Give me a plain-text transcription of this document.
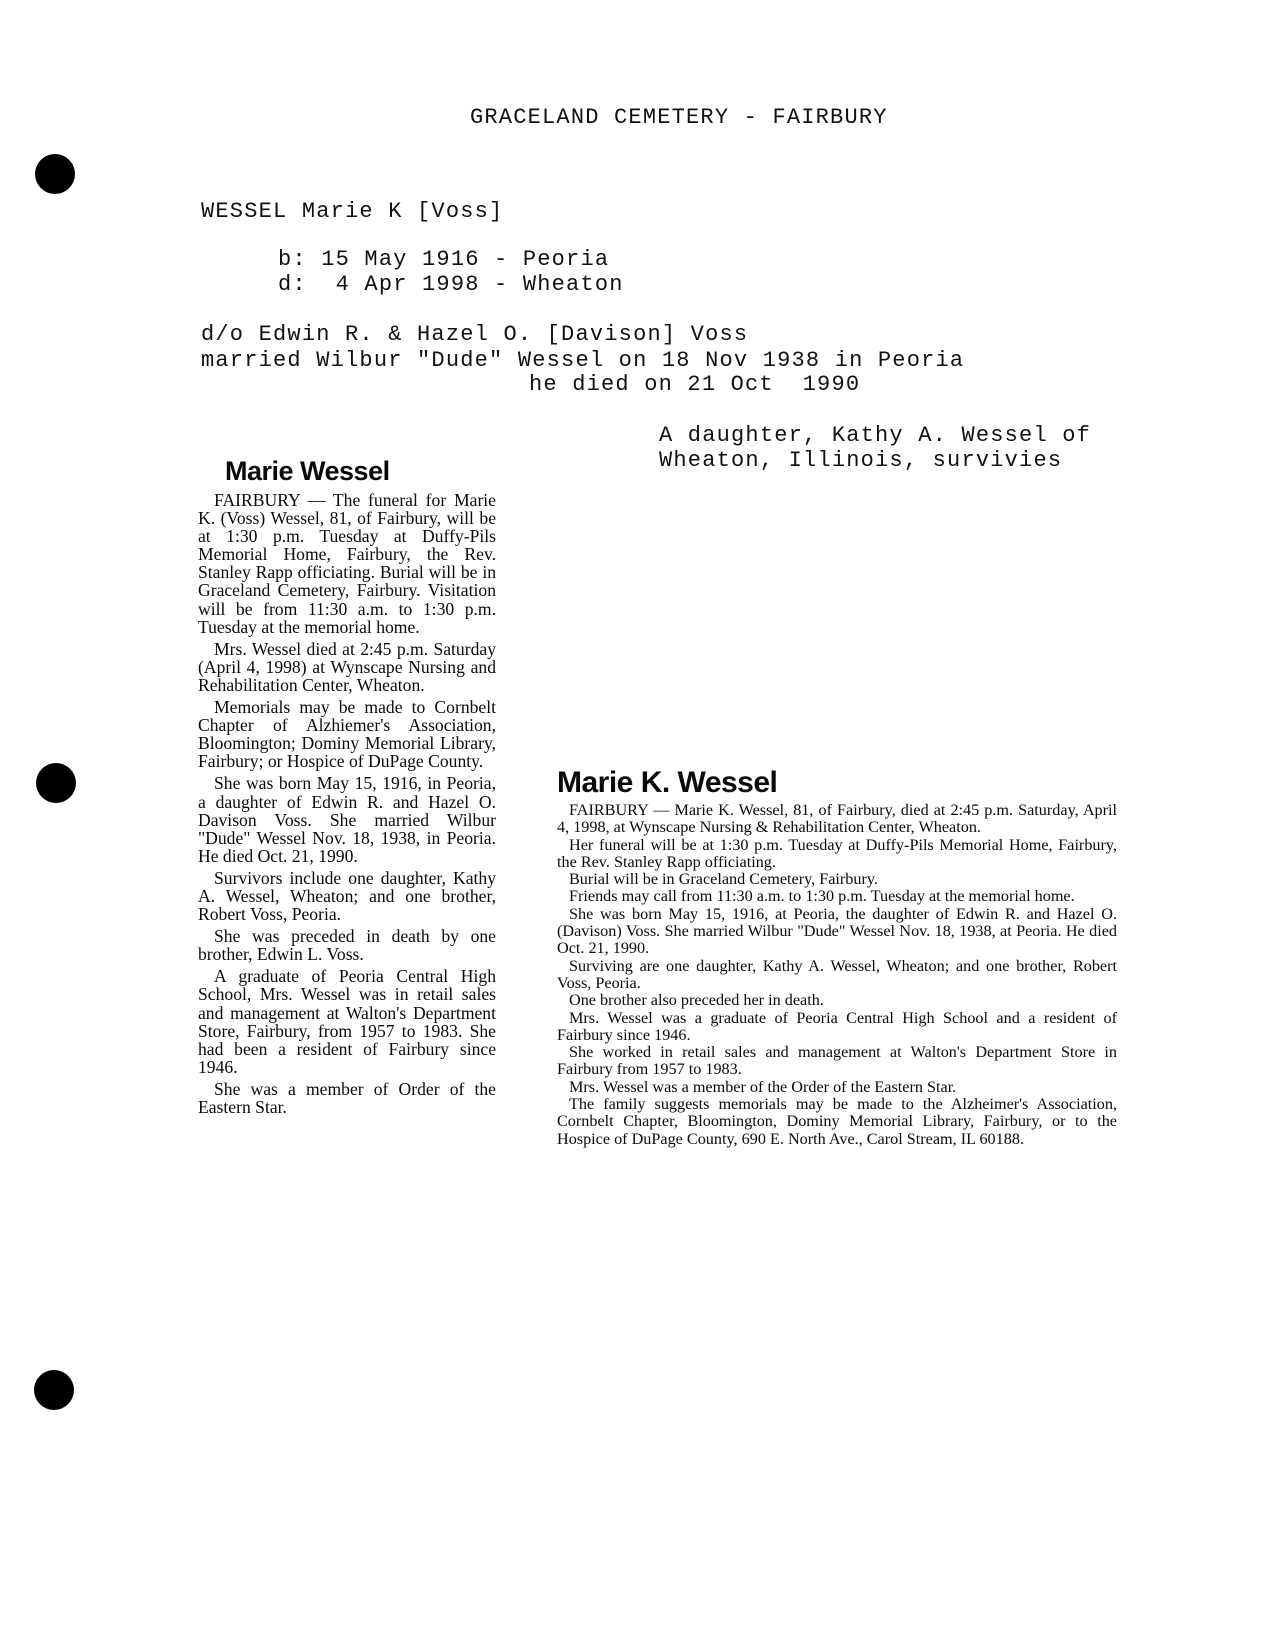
GRACELAND CEMETERY - FAIRBURY
WESSEL Marie K [Voss]
b: 15 May 1916 - Peoria
d:  4 Apr 1998 - Wheaton
d/o Edwin R. & Hazel O. [Davison] Voss
married Wilbur "Dude" Wessel on 18 Nov 1938 in Peoria
he died on 21 Oct  1990
A daughter, Kathy A. Wessel of
Wheaton, Illinois, survivies
Marie Wessel

FAIRBURY — The funeral for Marie K. (Voss) Wessel, 81, of Fairbury, will be at 1:30 p.m. Tuesday at Duffy-Pils Memorial Home, Fairbury, the Rev. Stanley Rapp officiating. Burial will be in Graceland Cemetery, Fairbury. Visitation will be from 11:30 a.m. to 1:30 p.m. Tuesday at the memorial home.

Mrs. Wessel died at 2:45 p.m. Saturday (April 4, 1998) at Wynscape Nursing and Rehabilitation Center, Wheaton.

Memorials may be made to Cornbelt Chapter of Alzhiemer's Association, Bloomington; Dominy Memorial Library, Fairbury; or Hospice of DuPage County.

She was born May 15, 1916, in Peoria, a daughter of Edwin R. and Hazel O. Davison Voss. She married Wilbur "Dude" Wessel Nov. 18, 1938, in Peoria. He died Oct. 21, 1990.

Survivors include one daughter, Kathy A. Wessel, Wheaton; and one brother, Robert Voss, Peoria.

She was preceded in death by one brother, Edwin L. Voss.

A graduate of Peoria Central High School, Mrs. Wessel was in retail sales and management at Walton's Department Store, Fairbury, from 1957 to 1983. She had been a resident of Fairbury since 1946.

She was a member of Order of the Eastern Star.

Marie K. Wessel

FAIRBURY — Marie K. Wessel, 81, of Fairbury, died at 2:45 p.m. Saturday, April 4, 1998, at Wynscape Nursing & Rehabilitation Center, Wheaton.

Her funeral will be at 1:30 p.m. Tuesday at Duffy-Pils Memorial Home, Fairbury, the Rev. Stanley Rapp officiating.

Burial will be in Graceland Cemetery, Fairbury.

Friends may call from 11:30 a.m. to 1:30 p.m. Tuesday at the memorial home.

She was born May 15, 1916, at Peoria, the daughter of Edwin R. and Hazel O. (Davison) Voss. She married Wilbur "Dude" Wessel Nov. 18, 1938, at Peoria. He died Oct. 21, 1990.

Surviving are one daughter, Kathy A. Wessel, Wheaton; and one brother, Robert Voss, Peoria.

One brother also preceded her in death.

Mrs. Wessel was a graduate of Peoria Central High School and a resident of Fairbury since 1946.

She worked in retail sales and management at Walton's Department Store in Fairbury from 1957 to 1983.

Mrs. Wessel was a member of the Order of the Eastern Star.

The family suggests memorials may be made to the Alzheimer's Association, Cornbelt Chapter, Bloomington, Dominy Memorial Library, Fairbury, or to the Hospice of DuPage County, 690 E. North Ave., Carol Stream, IL 60188.
